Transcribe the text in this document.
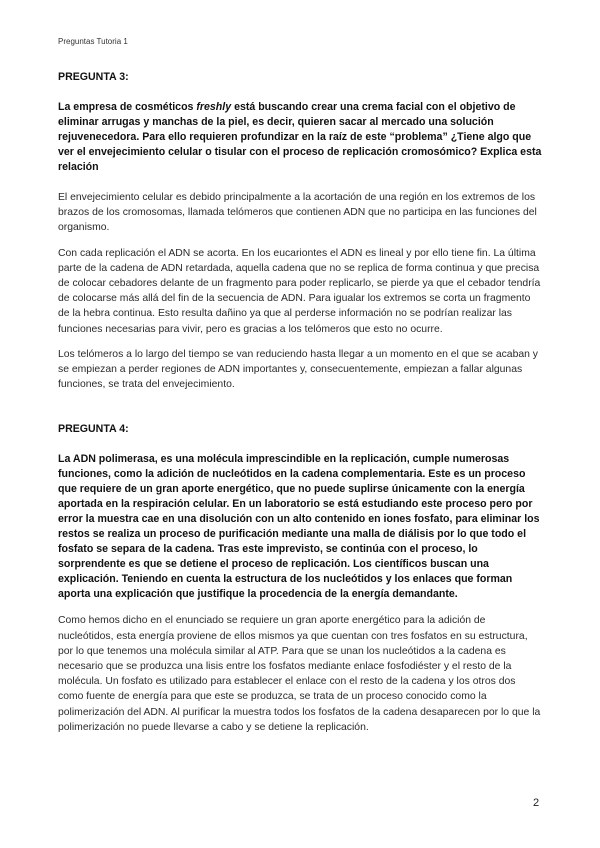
Preguntas Tutoria 1
PREGUNTA 3:

La empresa de cosméticos freshly está buscando crear una crema facial con el objetivo de eliminar arrugas y manchas de la piel, es decir, quieren sacar al mercado una solución rejuvenecedora. Para ello requieren profundizar en la raíz de este “problema” ¿Tiene algo que ver el envejecimiento celular o tisular con el proceso de replicación cromosómico? Explica esta relación

El envejecimiento celular es debido principalmente a la acortación de una región en los extremos de los brazos de los cromosomas, llamada telómeros que contienen ADN que no participa en las funciones del organismo.

Con cada replicación el ADN se acorta. En los eucariontes el ADN es lineal y por ello tiene fin. La última parte de la cadena de ADN retardada, aquella cadena que no se replica de forma continua y que precisa de colocar cebadores delante de un fragmento para poder replicarlo, se pierde ya que el cebador tendría de colocarse más allá del fin de la secuencia de ADN. Para igualar los extremos se corta un fragmento de la hebra continua. Esto resulta dañino ya que al perderse información no se podrían realizar las funciones necesarias para vivir, pero es gracias a los telómeros que esto no ocurre.

Los telómeros a lo largo del tiempo se van reduciendo hasta llegar a un momento en el que se acaban y se empiezan a perder regiones de ADN importantes y, consecuentemente, empiezan a fallar algunas funciones, se trata del envejecimiento.

PREGUNTA 4:

La ADN polimerasa, es una molécula imprescindible en la replicación, cumple numerosas funciones, como la adición de nucleótidos en la cadena complementaria. Este es un proceso que requiere de un gran aporte energético, que no puede suplirse únicamente con la energía aportada en la respiración celular. En un laboratorio se está estudiando este proceso pero por error la muestra cae en una disolución con un alto contenido en iones fosfato, para eliminar los restos se realiza un proceso de purificación mediante una malla de diálisis por lo que todo el fosfato se separa de la cadena. Tras este imprevisto, se continúa con el proceso, lo sorprendente es que se detiene el proceso de replicación. Los científicos buscan una explicación. Teniendo en cuenta la estructura de los nucleótidos y los enlaces que forman aporta una explicación que justifique la procedencia de la energía demandante.

Como hemos dicho en el enunciado se requiere un gran aporte energético para la adición de nucleótidos, esta energía proviene de ellos mismos ya que cuentan con tres fosfatos en su estructura, por lo que tenemos una molécula similar al ATP. Para que se unan los nucleótidos a la cadena es necesario que se produzca una lisis entre los fosfatos mediante enlace fosfodiéster y el resto de la molécula. Un fosfato es utilizado para establecer el enlace con el resto de la cadena y los otros dos como fuente de energía para que este se produzca, se trata de un proceso conocido como la polimerización del ADN. Al purificar la muestra todos los fosfatos de la cadena desaparecen por lo que la polimerización no puede llevarse a cabo y se detiene la replicación.

2
